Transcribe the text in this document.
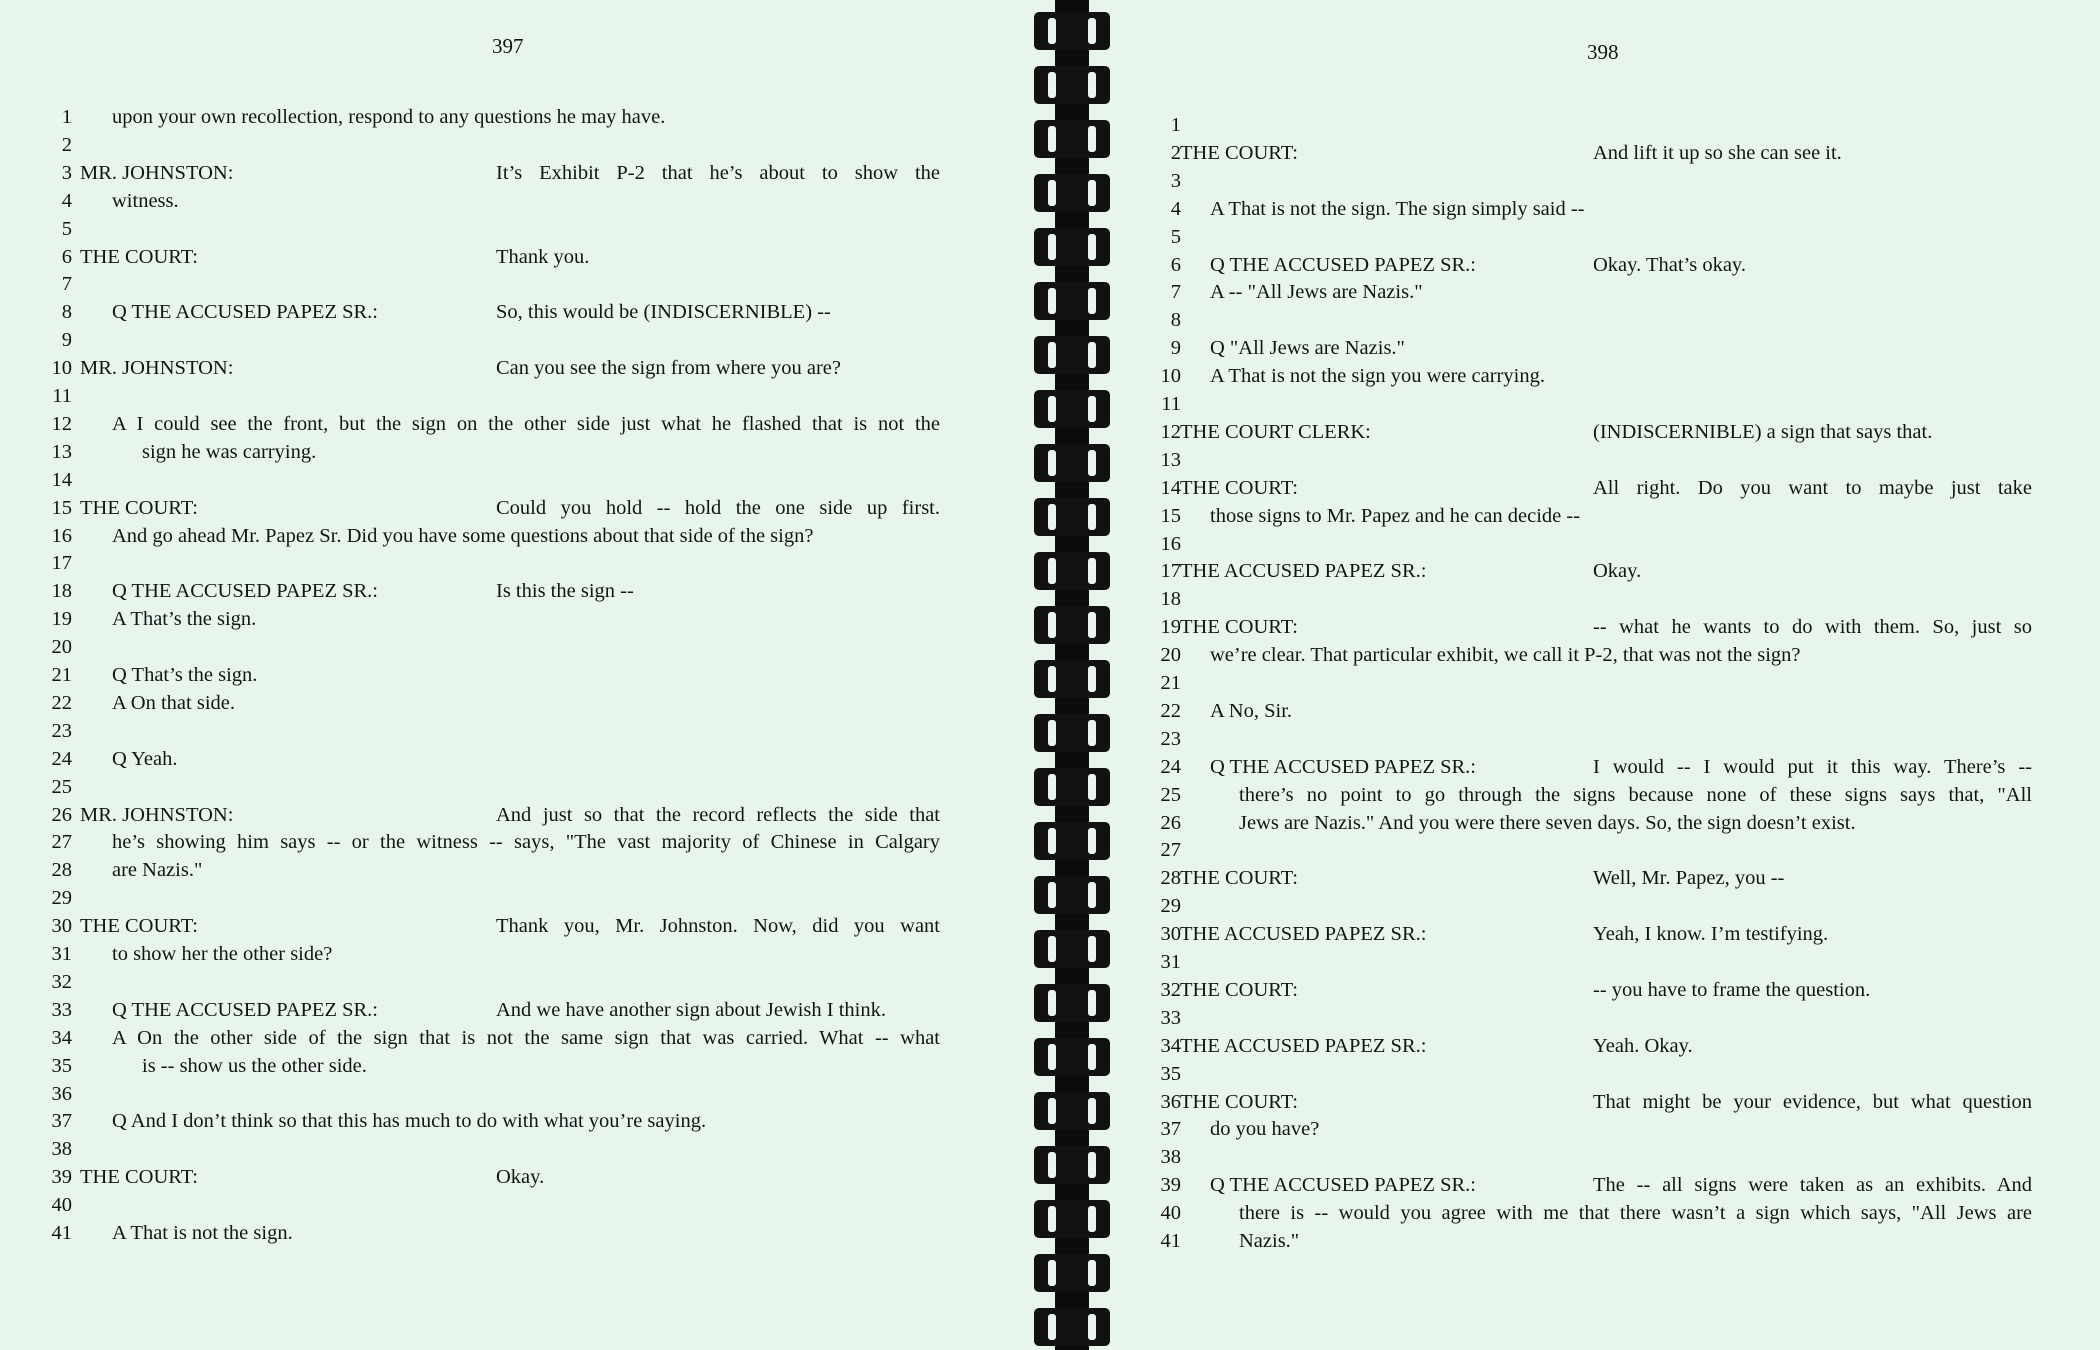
397
1 upon your own recollection, respond to any questions he may have.
2
3 MR. JOHNSTON:	It’s Exhibit P-2 that he’s about to show the
4 witness.
5
6 THE COURT:	Thank you.
7
8 Q THE ACCUSED PAPEZ SR.:	So, this would be (INDISCERNIBLE) --
9
10 MR. JOHNSTON:	Can you see the sign from where you are?
11
12 A I could see the front, but the sign on the other side just what he flashed that is not the
13	sign he was carrying.
14
15 THE COURT:	Could you hold -- hold the one side up first.
16 And go ahead Mr. Papez Sr. Did you have some questions about that side of the sign?
17
18 Q THE ACCUSED PAPEZ SR.:	Is this the sign --
19 A That’s the sign.
20
21 Q That’s the sign.
22 A On that side.
23
24 Q Yeah.
25
26 MR. JOHNSTON:	And just so that the record reflects the side that
27 he’s showing him says -- or the witness -- says, "The vast majority of Chinese in Calgary
28 are Nazis."
29
30 THE COURT:	Thank you, Mr. Johnston. Now, did you want
31 to show her the other side?
32
33 Q THE ACCUSED PAPEZ SR.:	And we have another sign about Jewish I think.
34 A On the other side of the sign that is not the same sign that was carried. What -- what
35	is -- show us the other side.
36
37 Q And I don’t think so that this has much to do with what you’re saying.
38
39 THE COURT:	Okay.
40
41 A That is not the sign.
398
1
2 THE COURT:	And lift it up so she can see it.
3
4 A That is not the sign. The sign simply said --
5
6 Q THE ACCUSED PAPEZ SR.:	Okay. That’s okay.
7 A -- "All Jews are Nazis."
8
9 Q "All Jews are Nazis."
10 A That is not the sign you were carrying.
11
12 THE COURT CLERK:	(INDISCERNIBLE) a sign that says that.
13
14 THE COURT:	All right. Do you want to maybe just take
15 those signs to Mr. Papez and he can decide --
16
17 THE ACCUSED PAPEZ SR.:	Okay.
18
19 THE COURT:	-- what he wants to do with them. So, just so
20 we’re clear. That particular exhibit, we call it P-2, that was not the sign?
21
22 A No, Sir.
23
24 Q THE ACCUSED PAPEZ SR.:	I would -- I would put it this way. There’s --
25	there’s no point to go through the signs because none of these signs says that, "All
26	Jews are Nazis." And you were there seven days. So, the sign doesn’t exist.
27
28 THE COURT:	Well, Mr. Papez, you --
29
30 THE ACCUSED PAPEZ SR.:	Yeah, I know. I’m testifying.
31
32 THE COURT:	-- you have to frame the question.
33
34 THE ACCUSED PAPEZ SR.:	Yeah. Okay.
35
36 THE COURT:	That might be your evidence, but what question
37 do you have?
38
39 Q THE ACCUSED PAPEZ SR.:	The -- all signs were taken as an exhibits. And
40	there is -- would you agree with me that there wasn’t a sign which says, "All Jews are
41	Nazis."
